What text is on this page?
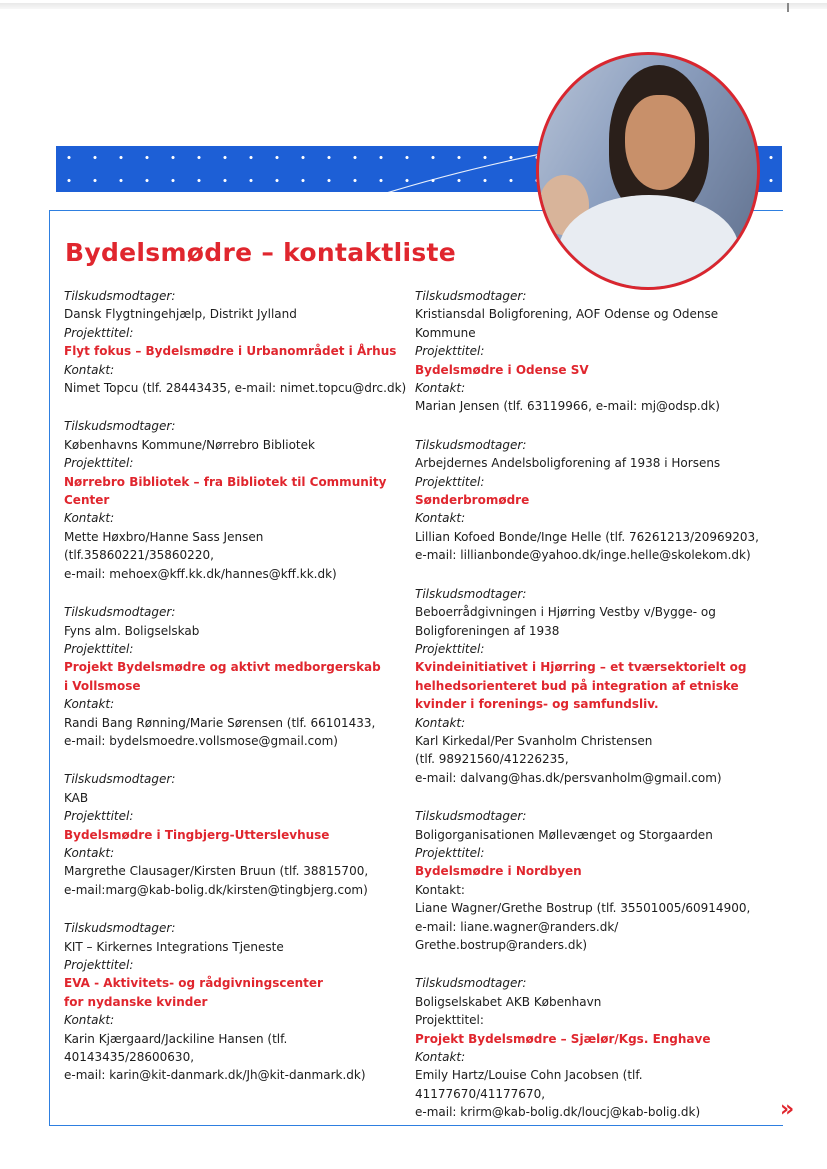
Bydelsmødre – kontaktliste
Tilskudsmodtager:
Dansk Flygtningehjælp, Distrikt Jylland
Projekttitel:
Flyt fokus – Bydelsmødre i Urbanområdet i Århus
Kontakt:
Nimet Topcu (tlf. 28443435, e-mail: nimet.topcu@drc.dk)
Tilskudsmodtager:
Københavns Kommune/Nørrebro Bibliotek
Projekttitel:
Nørrebro Bibliotek – fra Bibliotek til Community Center
Kontakt:
Mette Høxbro/Hanne Sass Jensen (tlf.35860221/35860220,
e-mail: mehoex@kff.kk.dk/hannes@kff.kk.dk)
Tilskudsmodtager:
Fyns alm. Boligselskab
Projekttitel:
Projekt Bydelsmødre og aktivt medborgerskab
i Vollsmose
Kontakt:
Randi Bang Rønning/Marie Sørensen (tlf. 66101433,
e-mail: bydelsmoedre.vollsmose@gmail.com)
Tilskudsmodtager:
KAB
Projekttitel:
Bydelsmødre i Tingbjerg-Utterslevhuse
Kontakt:
Margrethe Clausager/Kirsten Bruun (tlf. 38815700,
e-mail:marg@kab-bolig.dk/kirsten@tingbjerg.com)
Tilskudsmodtager:
KIT – Kirkernes Integrations Tjeneste
Projekttitel:
EVA - Aktivitets- og rådgivningscenter
for nydanske kvinder
Kontakt:
Karin Kjærgaard/Jackiline Hansen (tlf. 40143435/28600630,
e-mail: karin@kit-danmark.dk/Jh@kit-danmark.dk)
Tilskudsmodtager:
Kristiansdal Boligforening, AOF Odense og Odense Kommune
Projekttitel:
Bydelsmødre i Odense SV
Kontakt:
Marian Jensen (tlf. 63119966, e-mail: mj@odsp.dk)
Tilskudsmodtager:
Arbejdernes Andelsboligforening af 1938 i Horsens
Projekttitel:
Sønderbromødre
Kontakt:
Lillian Kofoed Bonde/Inge Helle (tlf. 76261213/20969203,
e-mail: lillianbonde@yahoo.dk/inge.helle@skolekom.dk)
Tilskudsmodtager:
Beboerrådgivningen i Hjørring Vestby v/Bygge- og
Boligforeningen af 1938
Projekttitel:
Kvindeinitiativet i Hjørring – et tværsektorielt og
helhedsorienteret bud på integration af etniske
kvinder i forenings- og samfundsliv.
Kontakt:
Karl Kirkedal/Per Svanholm Christensen
(tlf. 98921560/41226235,
e-mail: dalvang@has.dk/persvanholm@gmail.com)
Tilskudsmodtager:
Boligorganisationen Møllevænget og Storgaarden
Projekttitel:
Bydelsmødre i Nordbyen
Kontakt:
Liane Wagner/Grethe Bostrup (tlf. 35501005/60914900,
e-mail: liane.wagner@randers.dk/
Grethe.bostrup@randers.dk)
Tilskudsmodtager:
Boligselskabet AKB København
Projekttitel:
Projekt Bydelsmødre – Sjælør/Kgs. Enghave
Kontakt:
Emily Hartz/Louise Cohn Jacobsen (tlf. 41177670/41177670,
e-mail: krirm@kab-bolig.dk/loucj@kab-bolig.dk)	»
